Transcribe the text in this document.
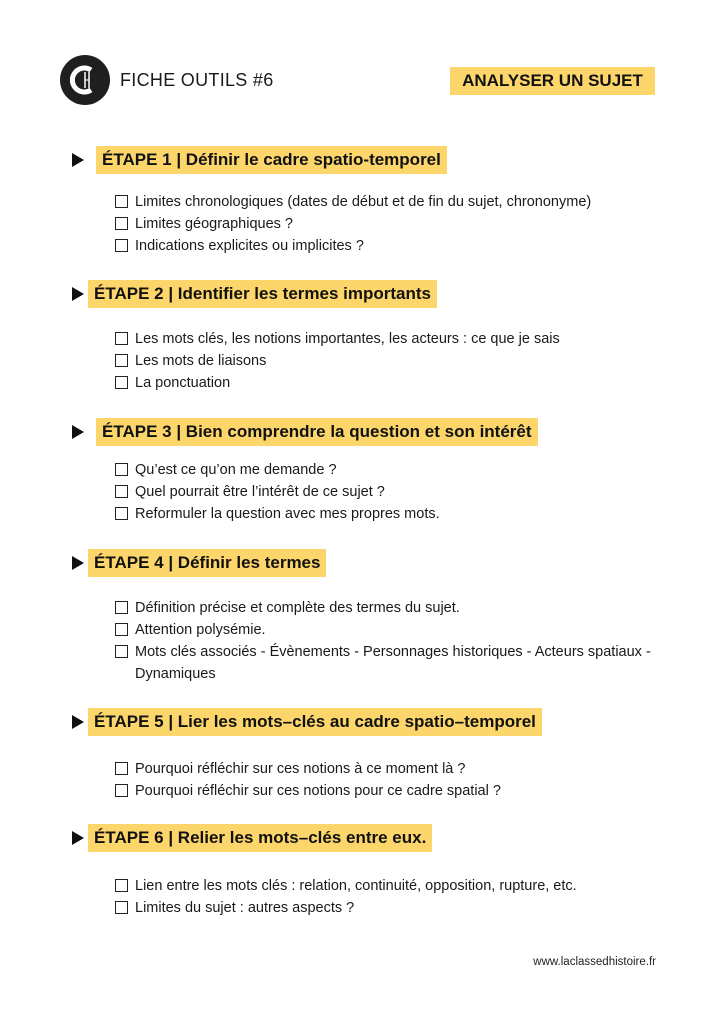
FICHE OUTILS #6	ANALYSER UN SUJET
ÉTAPE 1 | Définir le cadre spatio-temporel
Limites chronologiques (dates de début et de fin du sujet, chrononyme)
Limites géographiques ?
Indications explicites ou implicites ?
ÉTAPE 2 | Identifier les termes importants
Les mots clés, les notions importantes, les acteurs : ce que je sais
Les mots de liaisons
La ponctuation
ÉTAPE 3 | Bien comprendre la question et son intérêt
Qu’est ce qu’on me demande ?
Quel pourrait être l’intérêt de ce sujet ?
Reformuler la question avec mes propres mots.
ÉTAPE 4 | Définir les termes
Définition précise et complète des termes du sujet.
Attention polysémie.
Mots clés associés - Évènements - Personnages historiques - Acteurs spatiaux - Dynamiques
ÉTAPE 5 | Lier les mots–clés au cadre spatio–temporel
Pourquoi réfléchir sur ces notions à ce moment là ?
Pourquoi réfléchir sur ces notions pour ce cadre spatial ?
ÉTAPE 6 | Relier les mots–clés entre eux.
Lien entre les mots clés : relation, continuité, opposition, rupture, etc.
Limites du sujet : autres aspects ?
www.laclassedhistoire.fr
